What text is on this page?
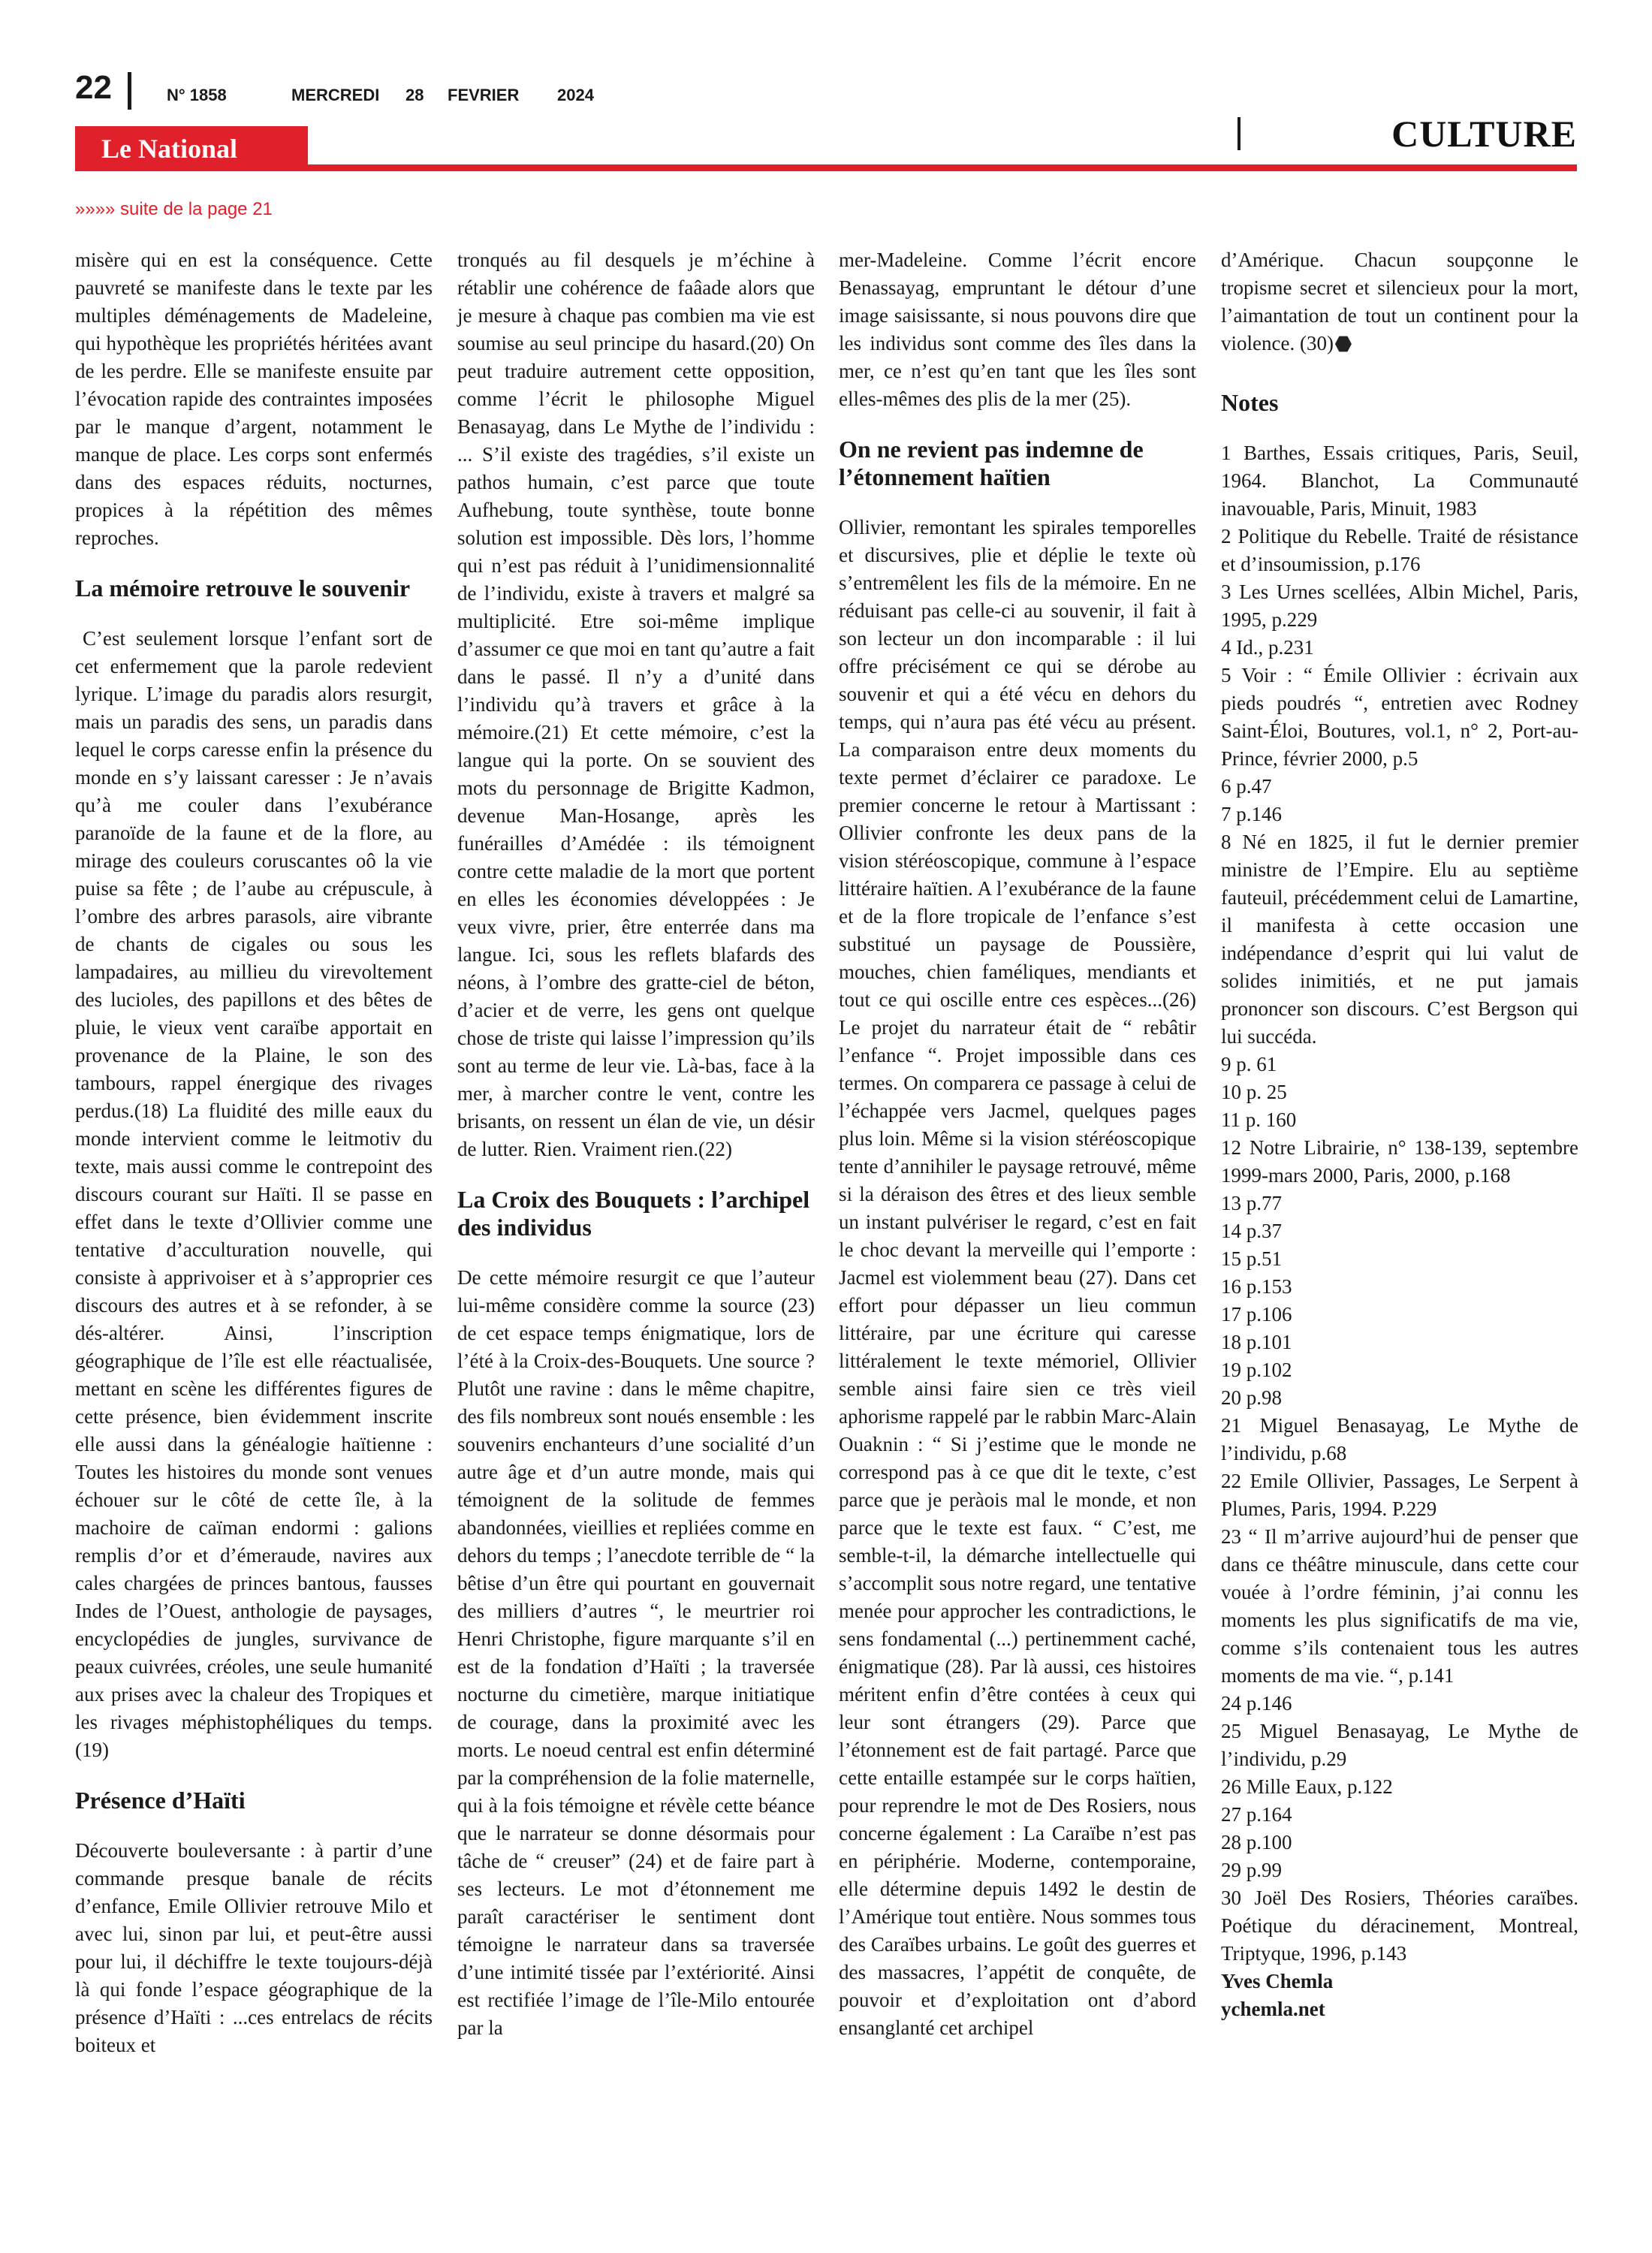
22	N° 1858	MERCREDI 28 FEVRIER 2024
Le National	CULTURE
»»»» suite de la page 21

misère qui en est la conséquence. Cette pauvreté se manifeste dans le texte par les multiples déménagements de Madeleine, qui hypothèque les propriétés héritées avant de les perdre. Elle se manifeste ensuite par l’évocation rapide des contraintes imposées par le manque d’argent, notamment le manque de place. Les corps sont enfermés dans des espaces réduits, nocturnes, propices à la répétition des mêmes reproches.

La mémoire retrouve le souvenir

C’est seulement lorsque l’enfant sort de cet enfermement que la parole redevient lyrique. L’image du paradis alors resurgit, mais un paradis des sens, un paradis dans lequel le corps caresse enfin la présence du monde en s’y laissant caresser : Je n’avais qu’à me couler dans l’exubérance paranoïde de la faune et de la flore, au mirage des couleurs coruscantes oô la vie puise sa fête ; de l’aube au crépuscule, à l’ombre des arbres parasols, aire vibrante de chants de cigales ou sous les lampadaires, au millieu du virevoltement des lucioles, des papillons et des bêtes de pluie, le vieux vent caraïbe apportait en provenance de la Plaine, le son des tambours, rappel énergique des rivages perdus.(18) La fluidité des mille eaux du monde intervient comme le leitmotiv du texte, mais aussi comme le contrepoint des discours courant sur Haïti. Il se passe en effet dans le texte d’Ollivier comme une tentative d’acculturation nouvelle, qui consiste à apprivoiser et à s’approprier ces discours des autres et à se refonder, à se dés-altérer. Ainsi, l’inscription géographique de l’île est elle réactualisée, mettant en scène les différentes figures de cette présence, bien évidemment inscrite elle aussi dans la généalogie haïtienne : Toutes les histoires du monde sont venues échouer sur le côté de cette île, à la machoire de caïman endormi : galions remplis d’or et d’émeraude, navires aux cales chargées de princes bantous, fausses Indes de l’Ouest, anthologie de paysages, encyclopédies de jungles, survivance de peaux cuivrées, créoles, une seule humanité aux prises avec la chaleur des Tropiques et les rivages méphistophéliques du temps.(19)

Présence d’Haïti

Découverte bouleversante : à partir d’une commande presque banale de récits d’enfance, Emile Ollivier retrouve Milo et avec lui, sinon par lui, et peut-être aussi pour lui, il déchiffre le texte toujours-déjà là qui fonde l’espace géographique de la présence d’Haïti : ...ces entrelacs de récits boiteux et

tronqués au fil desquels je m’échine à rétablir une cohérence de faâade alors que je mesure à chaque pas combien ma vie est soumise au seul principe du hasard.(20) On peut traduire autrement cette opposition, comme l’écrit le philosophe Miguel Benasayag, dans Le Mythe de l’individu : ... S’il existe des tragédies, s’il existe un pathos humain, c’est parce que toute Aufhebung, toute synthèse, toute bonne solution est impossible. Dès lors, l’homme qui n’est pas réduit à l’unidimensionnalité de l’individu, existe à travers et malgré sa multiplicité. Etre soi-même implique d’assumer ce que moi en tant qu’autre a fait dans le passé. Il n’y a d’unité dans l’individu qu’à travers et grâce à la mémoire.(21) Et cette mémoire, c’est la langue qui la porte. On se souvient des mots du personnage de Brigitte Kadmon, devenue Man-Hosange, après les funérailles d’Amédée : ils témoignent contre cette maladie de la mort que portent en elles les économies développées : Je veux vivre, prier, être enterrée dans ma langue. Ici, sous les reflets blafards des néons, à l’ombre des gratte-ciel de béton, d’acier et de verre, les gens ont quelque chose de triste qui laisse l’impression qu’ils sont au terme de leur vie. Là-bas, face à la mer, à marcher contre le vent, contre les brisants, on ressent un élan de vie, un désir de lutter. Rien. Vraiment rien.(22)

La Croix des Bouquets : l’archipel des individus

De cette mémoire resurgit ce que l’auteur lui-même considère comme la source (23) de cet espace temps énigmatique, lors de l’été à la Croix-des-Bouquets. Une source ? Plutôt une ravine : dans le même chapitre, des fils nombreux sont noués ensemble : les souvenirs enchanteurs d’une socialité d’un autre âge et d’un autre monde, mais qui témoignent de la solitude de femmes abandonnées, vieillies et repliées comme en dehors du temps ; l’anecdote terrible de “ la bêtise d’un être qui pourtant en gouvernait des milliers d’autres “, le meurtrier roi Henri Christophe, figure marquante s’il en est de la fondation d’Haïti ; la traversée nocturne du cimetière, marque initiatique de courage, dans la proximité avec les morts. Le noeud central est enfin déterminé par la compréhension de la folie maternelle, qui à la fois témoigne et révèle cette béance que le narrateur se donne désormais pour tâche de “ creuser” (24) et de faire part à ses lecteurs. Le mot d’étonnement me paraît caractériser le sentiment dont témoigne le narrateur dans sa traversée d’une intimité tissée par l’extériorité. Ainsi est rectifiée l’image de l’île-Milo entourée par la

mer-Madeleine. Comme l’écrit encore Benassayag, empruntant le détour d’une image saisissante, si nous pouvons dire que les individus sont comme des îles dans la mer, ce n’est qu’en tant que les îles sont elles-mêmes des plis de la mer (25).

On ne revient pas indemne de l’étonnement haïtien

Ollivier, remontant les spirales temporelles et discursives, plie et déplie le texte où s’entremêlent les fils de la mémoire. En ne réduisant pas celle-ci au souvenir, il fait à son lecteur un don incomparable : il lui offre précisément ce qui se dérobe au souvenir et qui a été vécu en dehors du temps, qui n’aura pas été vécu au présent. La comparaison entre deux moments du texte permet d’éclairer ce paradoxe. Le premier concerne le retour à Martissant : Ollivier confronte les deux pans de la vision stéréoscopique, commune à l’espace littéraire haïtien. A l’exubérance de la faune et de la flore tropicale de l’enfance s’est substitué un paysage de Poussière, mouches, chien faméliques, mendiants et tout ce qui oscille entre ces espèces...(26) Le projet du narrateur était de “ rebâtir l’enfance “. Projet impossible dans ces termes. On comparera ce passage à celui de l’échappée vers Jacmel, quelques pages plus loin. Même si la vision stéréoscopique tente d’annihiler le paysage retrouvé, même si la déraison des êtres et des lieux semble un instant pulvériser le regard, c’est en fait le choc devant la merveille qui l’emporte : Jacmel est violemment beau (27). Dans cet effort pour dépasser un lieu commun littéraire, par une écriture qui caresse littéralement le texte mémoriel, Ollivier semble ainsi faire sien ce très vieil aphorisme rappelé par le rabbin Marc-Alain Ouaknin : “ Si j’estime que le monde ne correspond pas à ce que dit le texte, c’est parce que je peràois mal le monde, et non parce que le texte est faux. “ C’est, me semble-t-il, la démarche intellectuelle qui s’accomplit sous notre regard, une tentative menée pour approcher les contradictions, le sens fondamental (...) pertinemment caché, énigmatique (28). Par là aussi, ces histoires méritent enfin d’être contées à ceux qui leur sont étrangers (29). Parce que l’étonnement est de fait partagé. Parce que cette entaille estampée sur le corps haïtien, pour reprendre le mot de Des Rosiers, nous concerne également : La Caraïbe n’est pas en périphérie. Moderne, contemporaine, elle détermine depuis 1492 le destin de l’Amérique tout entière. Nous sommes tous des Caraïbes urbains. Le goût des guerres et des massacres, l’appétit de conquête, de pouvoir et d’exploitation ont d’abord ensanglanté cet archipel

d’Amérique. Chacun soupçonne le tropisme secret et silencieux pour la mort, l’aimantation de tout un continent pour la violence. (30)

Notes

1 Barthes, Essais critiques, Paris, Seuil, 1964. Blanchot, La Communauté inavouable, Paris, Minuit, 1983

2 Politique du Rebelle. Traité de résistance et d’insoumission, p.176

3 Les Urnes scellées, Albin Michel, Paris, 1995, p.229

4 Id., p.231

5 Voir : “ Émile Ollivier : écrivain aux pieds poudrés “, entretien avec Rodney Saint-Éloi, Boutures, vol.1, n° 2, Port-au-Prince, février 2000, p.5

6 p.47

7 p.146

8 Né en 1825, il fut le dernier premier ministre de l’Empire. Elu au septième fauteuil, précédemment celui de Lamartine, il manifesta à cette occasion une indépendance d’esprit qui lui valut de solides inimitiés, et ne put jamais prononcer son discours. C’est Bergson qui lui succéda.

9 p. 61

10 p. 25

11 p. 160

12 Notre Librairie, n° 138-139, septembre 1999-mars 2000, Paris, 2000, p.168

13 p.77

14 p.37

15 p.51

16 p.153

17 p.106

18 p.101

19 p.102

20 p.98

21 Miguel Benasayag, Le Mythe de l’individu, p.68

22 Emile Ollivier, Passages, Le Serpent à Plumes, Paris, 1994. P.229

23 “ Il m’arrive aujourd’hui de penser que dans ce théâtre minuscule, dans cette cour vouée à l’ordre féminin, j’ai connu les moments les plus significatifs de ma vie, comme s’ils contenaient tous les autres moments de ma vie. “, p.141

24 p.146

25 Miguel Benasayag, Le Mythe de l’individu, p.29

26 Mille Eaux, p.122

27 p.164

28 p.100

29 p.99

30 Joël Des Rosiers, Théories caraïbes. Poétique du déracinement, Montreal, Triptyque, 1996, p.143

Yves Chemla

ychemla.net
